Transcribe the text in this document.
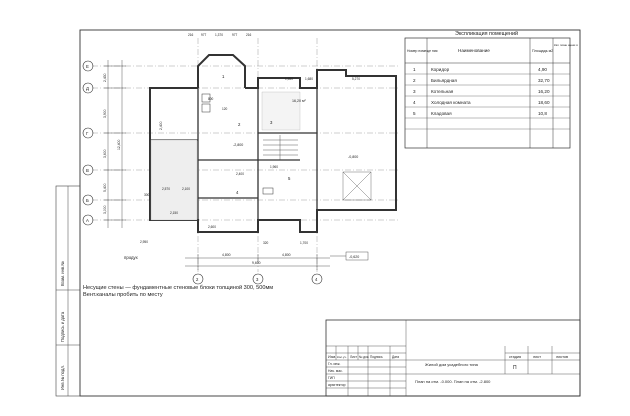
Инв.№ подл.
Подпись и дата
Взам. инв.№
Экспликация помещений
Номер помеще ния	Наименование	Площадь м2
Кат. поме щени я
1	Коридор	4,90
2	Бильярдная	32,70
3	Котельная	16,20
4	Холодная комната	18,60
5	Кладовая	10,8
Е
Д
Г
В
Б
А
2	3	4
1
2	3
4
5
16,20 м²
-2,800
-0,800
-0,620
4,800	4,800
9,600
2,430
3,900
3,600
12,400
5,400
3,000
2,400
216 977	1,370	977	216
5,270
1,550	1,680
2,570	2,100
2,150
2,600
1,960
1,700
800
300
320
120
2,950
2,400
продух
Изм. Кол.уч. Лист № док. Подпись	Дата
Гл. инж.
Нач. мас.
ГИП
архитектор
Жилой дом усадебного типа
стадия	лист	листов
П
План на отм. -0.000. План на отм. -2.800
Несущие стены — фундаментные стеновые блоки толщиной 300, 500мм
Вент.каналы пробить по месту
